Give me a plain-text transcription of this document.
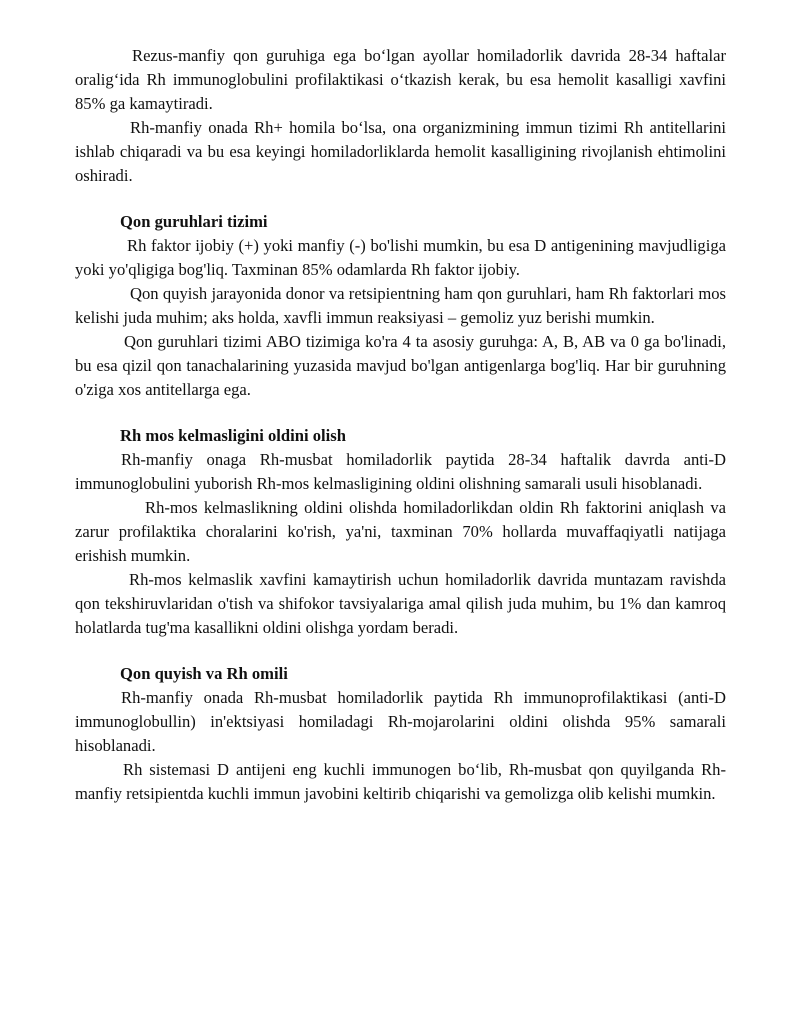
Rezus-manfiy qon guruhiga ega bo‘lgan ayollar homiladorlik davrida 28-34 haftalar oralig‘ida Rh immunoglobulini profilaktikasi o‘tkazish kerak, bu esa hemolit kasalligi xavfini 85% ga kamaytiradi.

Rh-manfiy onada Rh+ homila bo‘lsa, ona organizmining immun tizimi Rh antitellarini ishlab chiqaradi va bu esa keyingi homiladorliklarda hemolit kasalligining rivojlanish ehtimolini oshiradi.

Qon guruhlari tizimi

Rh faktor ijobiy (+) yoki manfiy (-) bo'lishi mumkin, bu esa D antigenining mavjudligiga yoki yo'qligiga bog'liq. Taxminan 85% odamlarda Rh faktor ijobiy.

Qon quyish jarayonida donor va retsipientning ham qon guruhlari, ham Rh faktorlari mos kelishi juda muhim; aks holda, xavfli immun reaksiyasi – gemoliz yuz berishi mumkin.

Qon guruhlari tizimi ABO tizimiga ko'ra 4 ta asosiy guruhga: A, B, AB va 0 ga bo'linadi, bu esa qizil qon tanachalarining yuzasida mavjud bo'lgan antigenlarga bog'liq. Har bir guruhning o'ziga xos antitellarga ega.

Rh mos kelmasligini oldini olish

Rh-manfiy onaga Rh-musbat homiladorlik paytida 28-34 haftalik davrda anti-D immunoglobulini yuborish Rh-mos kelmasligining oldini olishning samarali usuli hisoblanadi.

Rh-mos kelmaslikning oldini olishda homiladorlikdan oldin Rh faktorini aniqlash va zarur profilaktika choralarini ko'rish, ya'ni, taxminan 70% hollarda muvaffaqiyatli natijaga erishish mumkin.

Rh-mos kelmaslik xavfini kamaytirish uchun homiladorlik davrida muntazam ravishda qon tekshiruvlaridan o'tish va shifokor tavsiyalariga amal qilish juda muhim, bu 1% dan kamroq holatlarda tug'ma kasallikni oldini olishga yordam beradi.

Qon quyish va Rh omili

Rh-manfiy onada Rh-musbat homiladorlik paytida Rh immunoprofilaktikasi (anti-D immunoglobullin) in'ektsiyasi homiladagi Rh-mojarolarini oldini olishda 95% samarali hisoblanadi.

Rh sistemasi D antijeni eng kuchli immunogen bo‘lib, Rh-musbat qon quyilganda Rh-manfiy retsipientda kuchli immun javobini keltirib chiqarishi va gemolizga olib kelishi mumkin.
